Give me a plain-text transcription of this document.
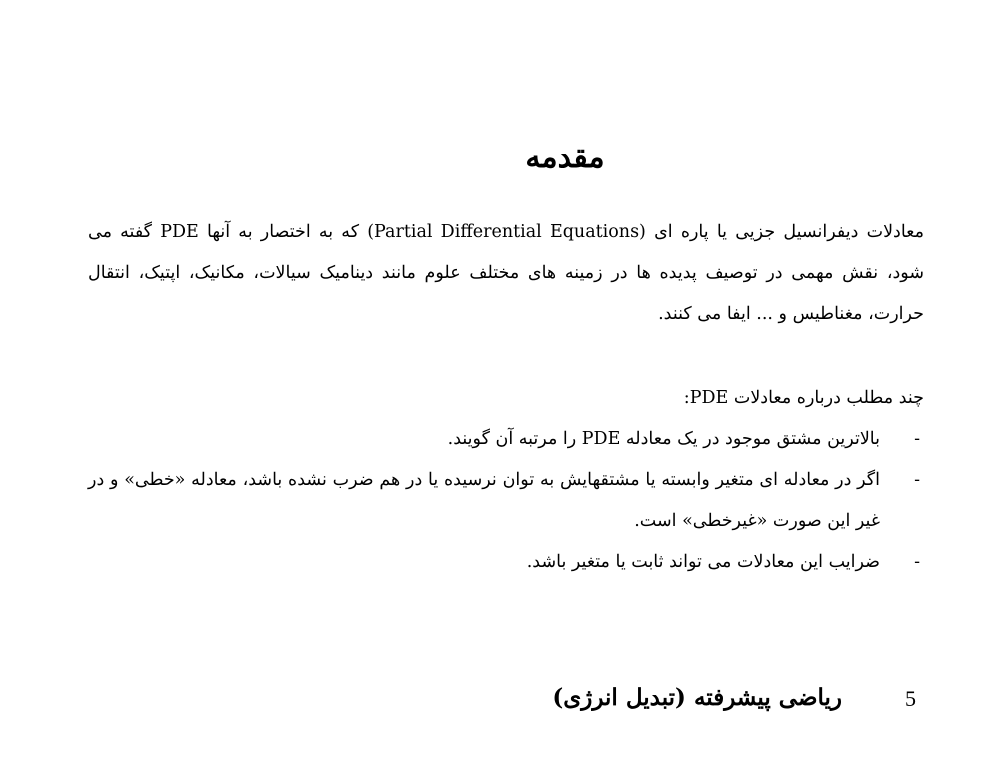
مقدمه

معادلات دیفرانسیل جزیی یا پاره ای (Partial Differential Equations) که به اختصار به آنها PDE گفته می شود، نقش مهمی در توصیف پدیده ها در زمینه های مختلف علوم مانند دینامیک سیالات، مکانیک، اپتیک، انتقال حرارت، مغناطیس و ... ایفا می کنند.

چند مطلب درباره معادلات PDE:

-
بالاترین مشتق موجود در یک معادله PDE را مرتبه آن گویند.
-
اگر در معادله ای متغیر وابسته یا مشتقهایش به توان نرسیده یا در هم ضرب نشده باشد، معادله «خطی» و در غیر این صورت «غیرخطی» است.
-
ضرایب این معادلات می تواند ثابت یا متغیر باشد.
5
ریاضی پیشرفته (تبدیل انرژی)
